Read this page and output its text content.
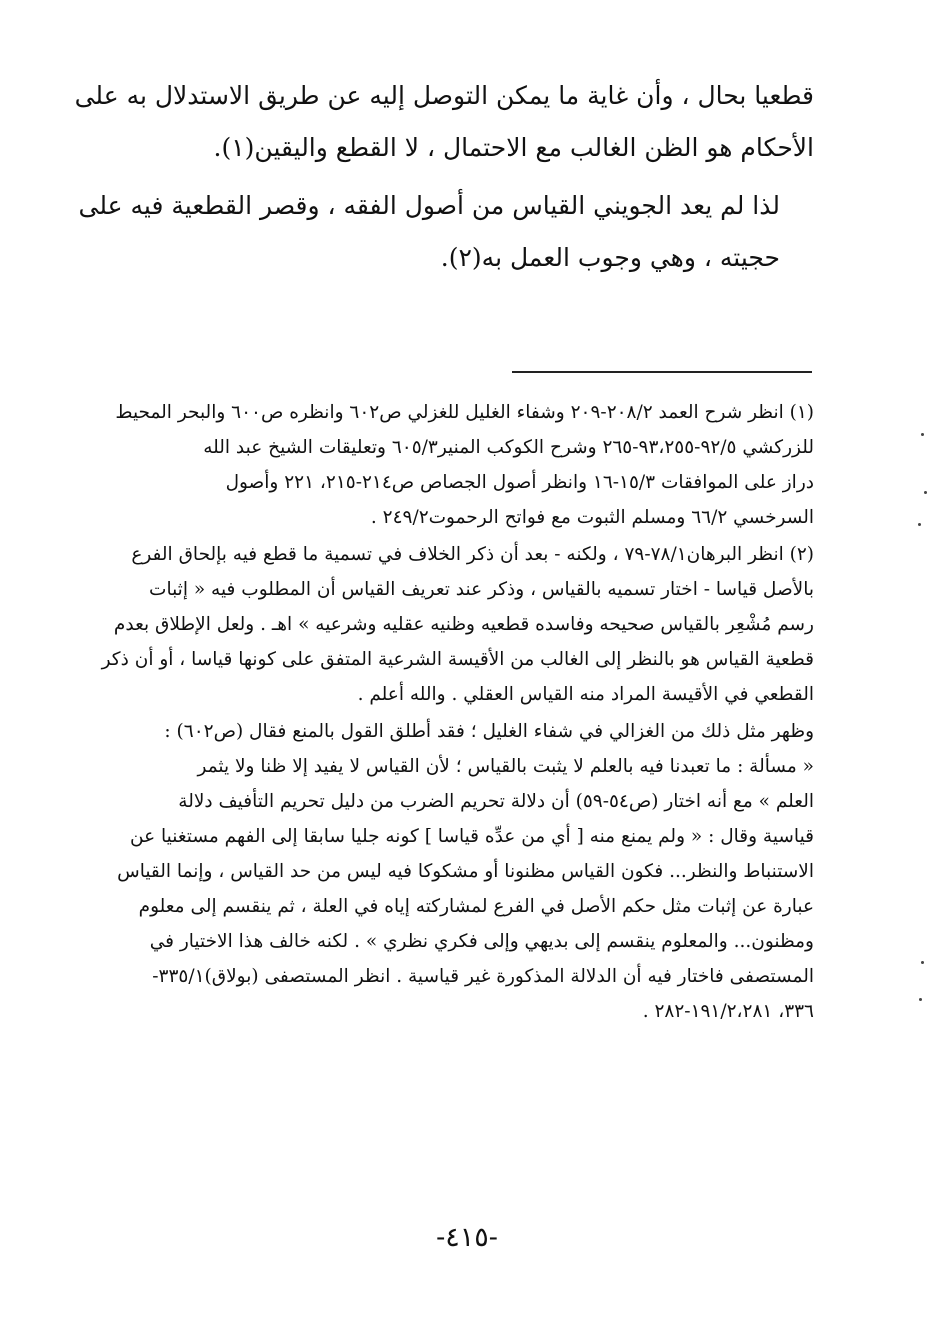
قطعيا بحال ، وأن غاية ما يمكن التوصل إليه عن طريق الاستدلال به على
الأحكام هو الظن الغالب مع الاحتمال ، لا القطع واليقين(١).

لذا لم يعد الجويني القياس من أصول الفقه ، وقصر القطعية فيه على
حجيته ، وهي وجوب العمل به(٢).

(١) انظر شرح العمد ٢٠٨/٢-٢٠٩ وشفاء الغليل للغزلي ص٦٠٢ وانظره ص٦٠٠ والبحر المحيط
للزركشي ٩٢/٥-٩٣،٢٥٥-٢٦٥ وشرح الكوكب المنير٦٠٥/٣ وتعليقات الشيخ عبد الله
دراز على الموافقات ١٥/٣-١٦ وانظر أصول الجصاص ص٢١٤-٢١٥، ٢٢١ وأصول
السرخسي ٦٦/٢ ومسلم الثبوت مع فواتح الرحموت٢٤٩/٢ .

(٢) انظر البرهان٧٨/١-٧٩ ، ولكنه - بعد أن ذكر الخلاف في تسمية ما قطع فيه بإلحاق الفرع
بالأصل قياسا - اختار تسميه بالقياس ، وذكر عند تعريف القياس أن المطلوب فيه « إثبات
رسم مُشْعِر بالقياس صحيحه وفاسده قطعيه وظنيه عقليه وشرعيه » اهـ . ولعل الإطلاق بعدم
قطعية القياس هو بالنظر إلى الغالب من الأقيسة الشرعية المتفق على كونها قياسا ، أو أن ذكر
القطعي في الأقيسة المراد منه القياس العقلي . والله أعلم .

وظهر مثل ذلك من الغزالي في شفاء الغليل ؛ فقد أطلق القول بالمنع فقال (ص٦٠٢) :
« مسألة : ما تعبدنا فيه بالعلم لا يثبت بالقياس ؛ لأن القياس لا يفيد إلا ظنا ولا يثمر
العلم » مع أنه اختار (ص٥٤-٥٩) أن دلالة تحريم الضرب من دليل تحريم التأفيف دلالة
قياسية وقال : « ولم يمنع منه [ أي من عدِّه قياسا ] كونه جليا سابقا إلى الفهم مستغنيا عن
الاستنباط والنظر... فكون القياس مظنونا أو مشكوكا فيه ليس من حد القياس ، وإنما القياس
عبارة عن إثبات مثل حكم الأصل في الفرع لمشاركته إياه في العلة ، ثم ينقسم إلى معلوم
ومظنون... والمعلوم ينقسم إلى بديهي وإلى فكري نظري » . لكنه خالف هذا الاختيار في
المستصفى فاختار فيه أن الدلالة المذكورة غير قياسية . انظر المستصفى (بولاق)٣٣٥/١-
٣٣٦، ١٩١/٢،٢٨١-٢٨٢ .

-٤١٥-
